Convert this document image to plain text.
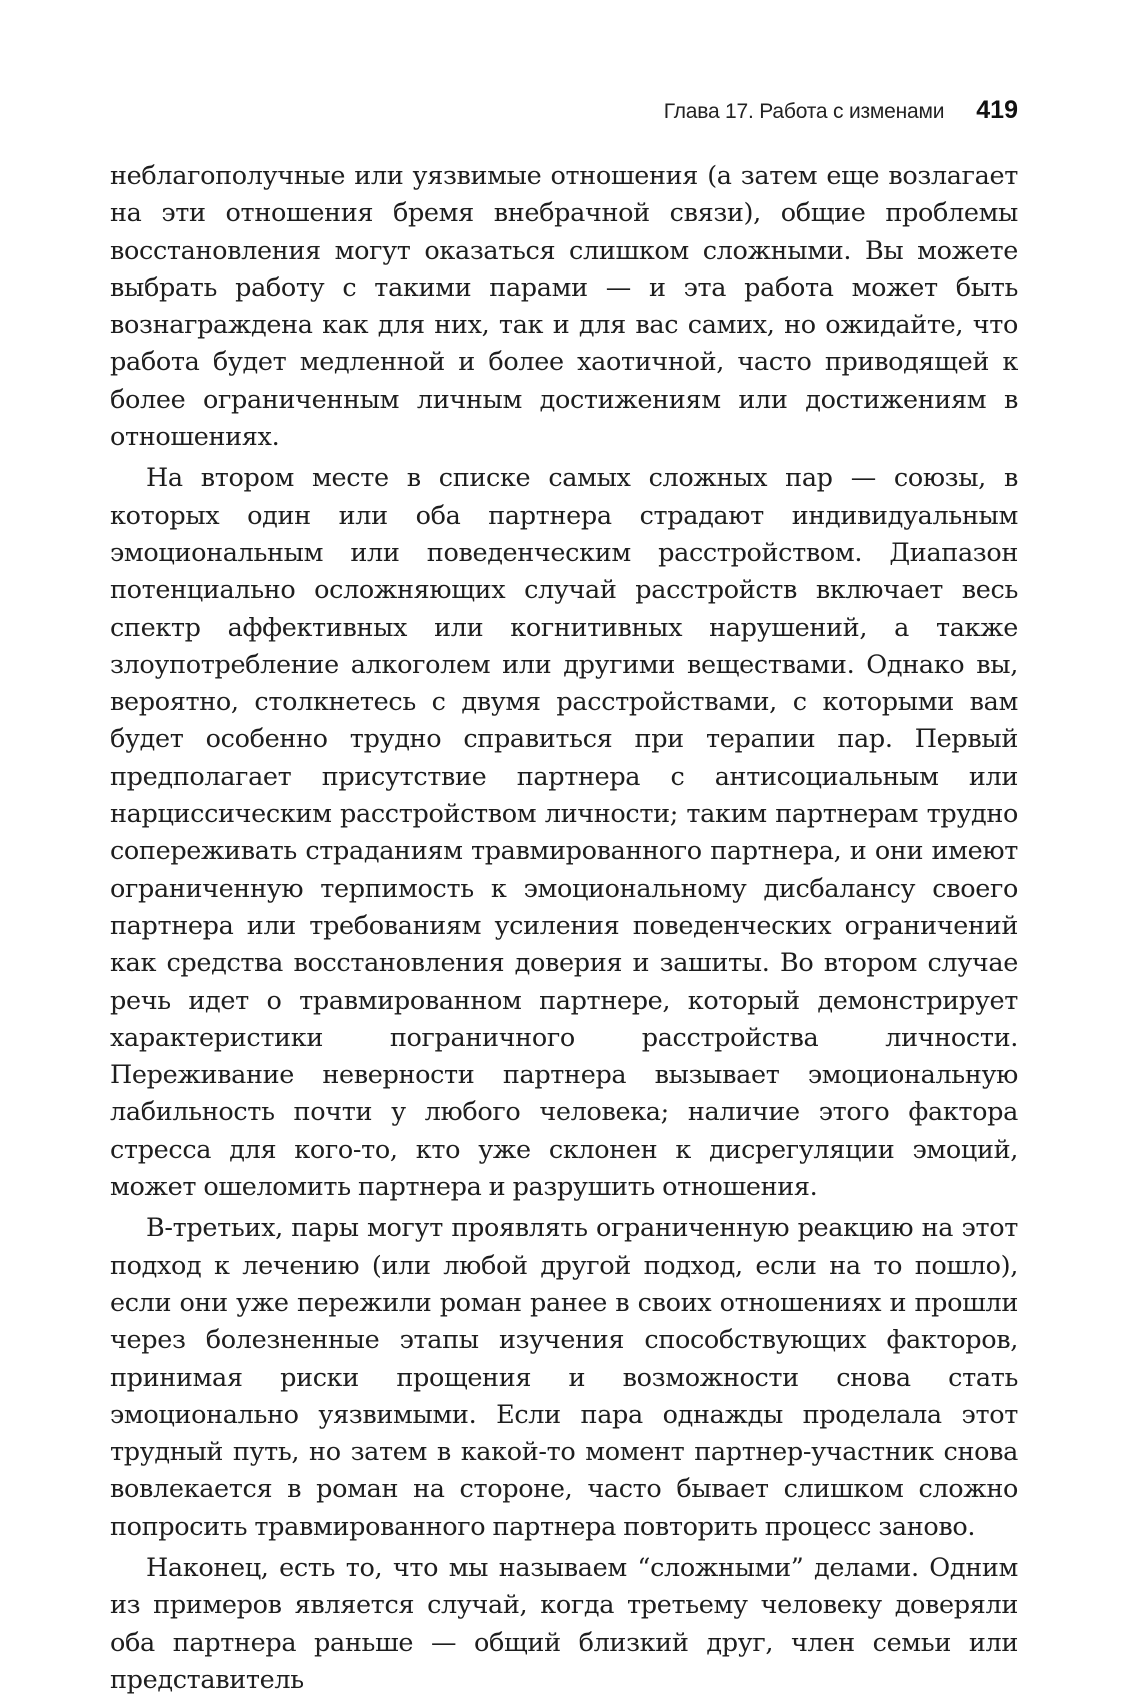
Глава 17. Работа с изменами 419

неблагополучные или уязвимые отношения (а затем еще возлагает на эти отношения бремя внебрачной связи), общие проблемы восстановления могут оказаться слишком сложными. Вы можете выбрать работу с такими парами — и эта работа может быть вознаграждена как для них, так и для вас самих, но ожидайте, что работа будет медленной и более хаотичной, часто приводящей к более ограниченным личным достижениям или достижениям в отношениях.

На втором месте в списке самых сложных пар — союзы, в которых один или оба партнера страдают индивидуальным эмоциональным или поведенческим расстройством. Диапазон потенциально осложняющих случай расстройств включает весь спектр аффективных или когнитивных нарушений, а также злоупотребление алкоголем или другими веществами. Однако вы, вероятно, столкнетесь с двумя расстройствами, с которыми вам будет особенно трудно справиться при терапии пар. Первый предполагает присутствие партнера с антисоциальным или нарциссическим расстройством личности; таким партнерам трудно сопереживать страданиям травмированного партнера, и они имеют ограниченную терпимость к эмоциональному дисбалансу своего партнера или требованиям усиления поведенческих ограничений как средства восстановления доверия и зашиты. Во втором случае речь идет о травмированном партнере, который демонстрирует характеристики пограничного расстройства личности. Переживание неверности партнера вызывает эмоциональную лабильность почти у любого человека; наличие этого фактора стресса для кого-то, кто уже склонен к дисрегуляции эмоций, может ошеломить партнера и разрушить отношения.

В-третьих, пары могут проявлять ограниченную реакцию на этот подход к лечению (или любой другой подход, если на то пошло), если они уже пережили роман ранее в своих отношениях и прошли через болезненные этапы изучения способствующих факторов, принимая риски прощения и возможности снова стать эмоционально уязвимыми. Если пара однажды проделала этот трудный путь, но затем в какой-то момент партнер-участник снова вовлекается в роман на стороне, часто бывает слишком сложно попросить травмированного партнера повторить процесс заново.

Наконец, есть то, что мы называем “сложными” делами. Одним из примеров является случай, когда третьему человеку доверяли оба партнера раньше — общий близкий друг, член семьи или представитель
